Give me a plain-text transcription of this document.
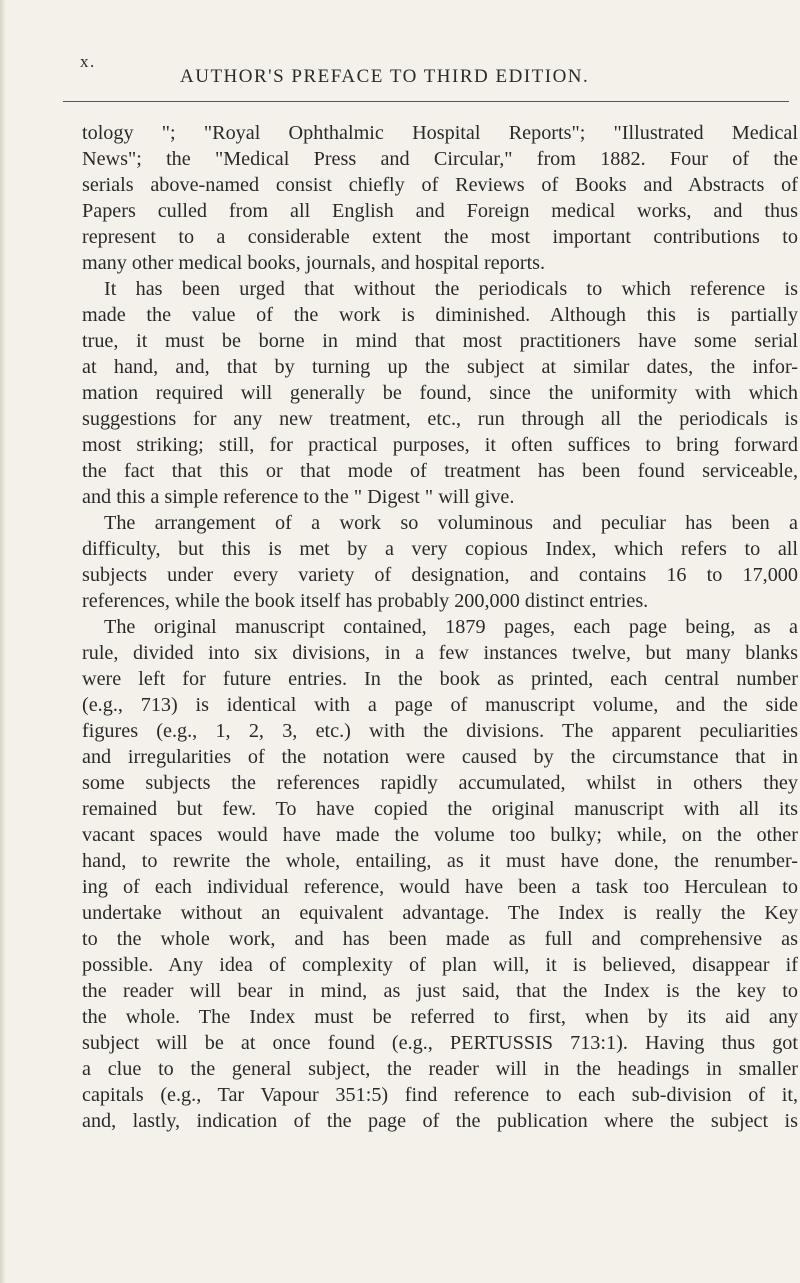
x.
AUTHOR'S PREFACE TO THIRD EDITION.
tology "; "Royal Ophthalmic Hospital Reports"; "Illustrated Medical
News"; the "Medical Press and Circular," from 1882. Four of the
serials above-named consist chiefly of Reviews of Books and Abstracts of
Papers culled from all English and Foreign medical works, and thus
represent to a considerable extent the most important contributions to
many other medical books, journals, and hospital reports.
It has been urged that without the periodicals to which reference is
made the value of the work is diminished. Although this is partially
true, it must be borne in mind that most practitioners have some serial
at hand, and, that by turning up the subject at similar dates, the infor-
mation required will generally be found, since the uniformity with which
suggestions for any new treatment, etc., run through all the periodicals is
most striking; still, for practical purposes, it often suffices to bring forward
the fact that this or that mode of treatment has been found serviceable,
and this a simple reference to the " Digest " will give.
The arrangement of a work so voluminous and peculiar has been a
difficulty, but this is met by a very copious Index, which refers to all
subjects under every variety of designation, and contains 16 to 17,000
references, while the book itself has probably 200,000 distinct entries.
The original manuscript contained, 1879 pages, each page being, as a
rule, divided into six divisions, in a few instances twelve, but many blanks
were left for future entries. In the book as printed, each central number
(e.g., 713) is identical with a page of manuscript volume, and the side
figures (e.g., 1, 2, 3, etc.) with the divisions. The apparent peculiarities
and irregularities of the notation were caused by the circumstance that in
some subjects the references rapidly accumulated, whilst in others they
remained but few. To have copied the original manuscript with all its
vacant spaces would have made the volume too bulky; while, on the other
hand, to rewrite the whole, entailing, as it must have done, the renumber-
ing of each individual reference, would have been a task too Herculean to
undertake without an equivalent advantage. The Index is really the Key
to the whole work, and has been made as full and comprehensive as
possible. Any idea of complexity of plan will, it is believed, disappear if
the reader will bear in mind, as just said, that the Index is the key to
the whole. The Index must be referred to first, when by its aid any
subject will be at once found (e.g., PERTUSSIS 713:1). Having thus got
a clue to the general subject, the reader will in the headings in smaller
capitals (e.g., Tar Vapour 351:5) find reference to each sub-division of it,
and, lastly, indication of the page of the publication where the subject is
